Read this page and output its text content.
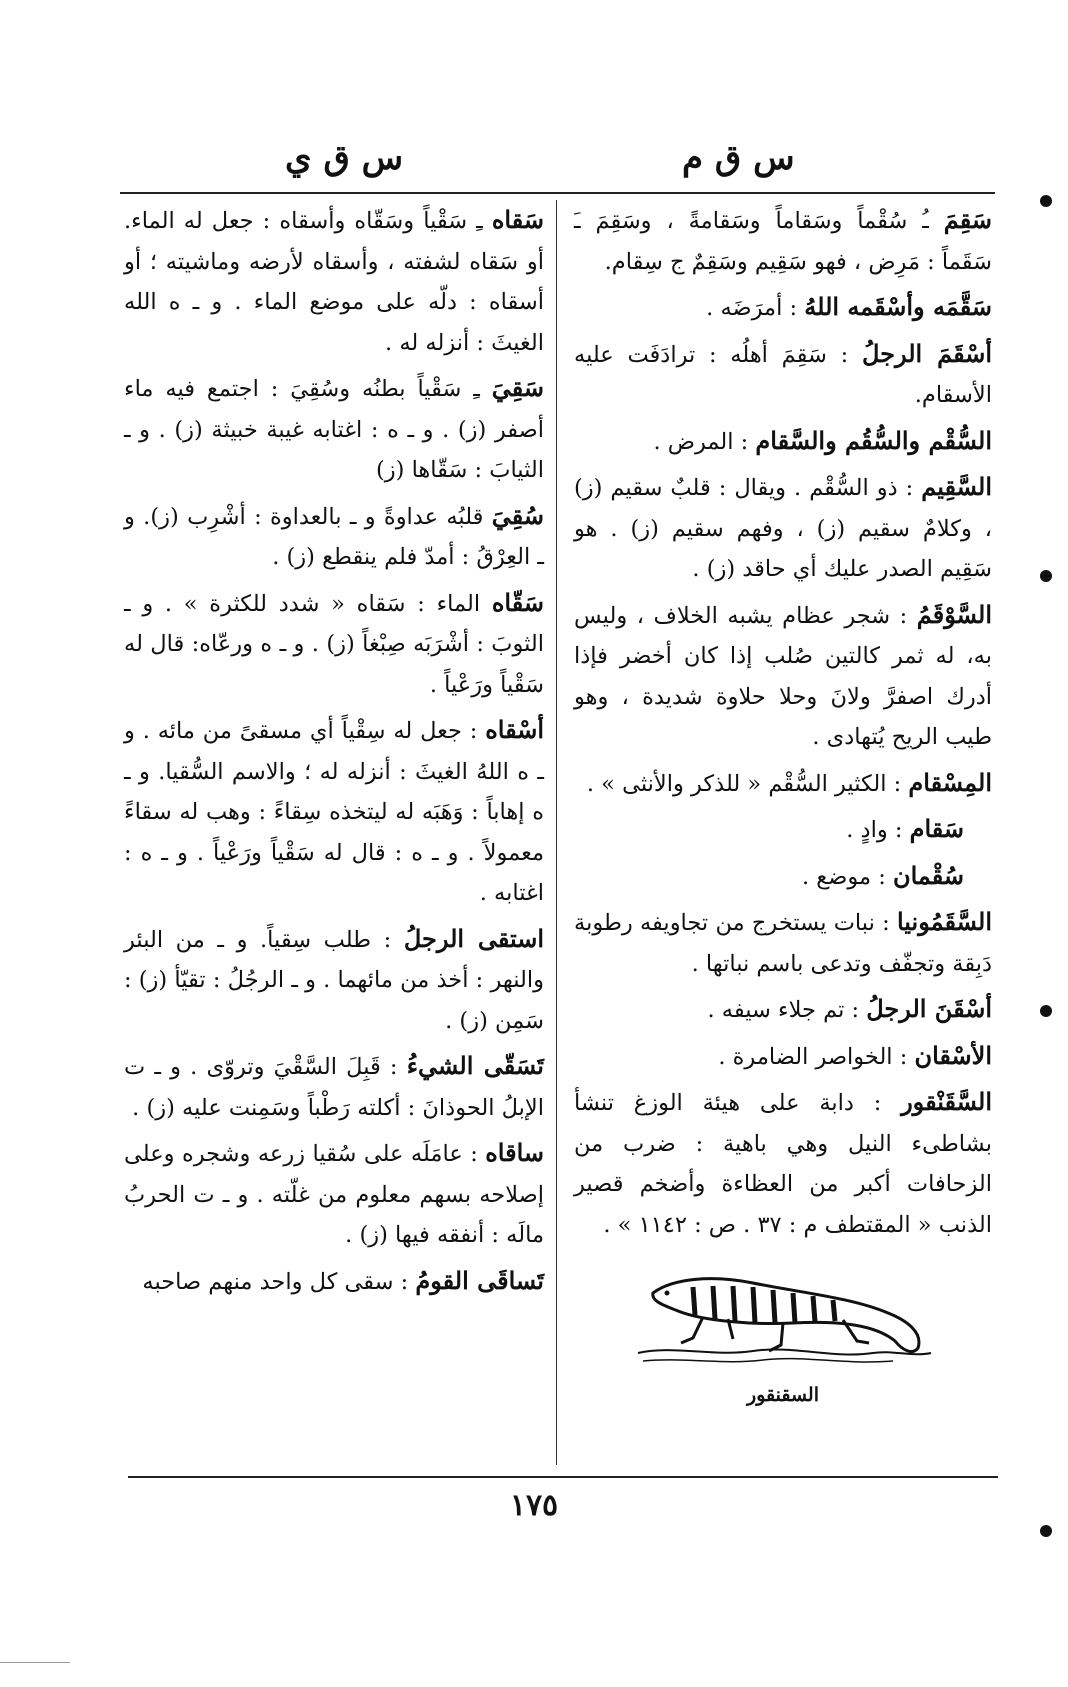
س ق م
س ق ي
سَقِمَ ـُ سُقْماً وسَقاماً وسَقامةً ، وسَقِمَ ـَ سَقَماً : مَرِض ، فهو سَقِيم وسَقِمٌ ج سِقام.
سَقَّمَه وأسْقَمه اللهُ : أمرَضَه .
أسْقَمَ الرجلُ : سَقِمَ أهلُه : ترادَفَت عليه الأسقام.
السُّقْم والسُّقُم والسَّقام : المرض .
السَّقِيم : ذو السُّقْم . ويقال : قلبٌ سقيم (ز) ، وكلامٌ سقيم (ز) ، وفهم سقيم (ز) . هو سَقِيم الصدر عليك أي حاقد (ز) .
السَّوْقَمُ : شجر عظام يشبه الخلاف ، وليس به، له ثمر كالتين صُلب إذا كان أخضر فإذا أدرك اصفرَّ ولانَ وحلا حلاوة شديدة ، وهو طيب الريح يُتهادى .
المِسْقام : الكثير السُّقْم « للذكر والأنثى » .
سَقام : وادٍ .
سُقْمان : موضع .
السَّقَمُونيا : نبات يستخرج من تجاويفه رطوبة دَبِقة وتجفّف وتدعى باسم نباتها .
أسْقَنَ الرجلُ : تم جلاء سيفه .
الأسْقان : الخواصر الضامرة .
السَّقَنْقور : دابة على هيئة الوزغ تنشأ بشاطىء النيل وهي باهية : ضرب من الزحافات أكبر من العظاءة وأضخم قصير الذنب « المقتطف م : ٣٧ . ص : ١١٤٢ » .
السقنقور
سَقاه ـِ سَقْياً وسَقّاه وأسقاه : جعل له الماء. أو سَقاه لشفته ، وأسقاه لأرضه وماشيته ؛ أو أسقاه : دلّه على موضع الماء . و ـ ه الله الغيثَ : أنزله له .
سَقِيَ ـِ سَقْياً بطنُه وسُقِيَ : اجتمع فيه ماء أصفر (ز) . و ـ ه : اغتابه غيبة خبيثة (ز) . و ـ الثيابَ : سَقّاها (ز)
سُقِيَ قلبُه عداوةً و ـ بالعداوة : أشْرِب (ز). و ـ العِرْقُ : أمدّ فلم ينقطع (ز) .
سَقّاه الماء : سَقاه « شدد للكثرة » . و ـ الثوبَ : أشْرَبَه صِبْغاً (ز) . و ـ ه ورعّاه: قال له سَقْياً ورَعْياً .
أسْقاه : جعل له سِقْياً أي مسقىً من مائه . و ـ ه اللهُ الغيثَ : أنزله له ؛ والاسم السُّقيا. و ـ ه إهاباً : وَهَبَه له ليتخذه سِقاءً : وهب له سقاءً معمولاً . و ـ ه : قال له سَقْياً ورَعْياً . و ـ ه : اغتابه .
استقى الرجلُ : طلب سِقياً. و ـ من البئر والنهر : أخذ من مائهما . و ـ الرجُلُ : تقيّأ (ز) : سَمِن (ز) .
تَسَقّى الشيءُ : قَبِلَ السَّقْيَ وتروّى . و ـ ت الإبلُ الحوذانَ : أكلته رَطْباً وسَمِنت عليه (ز) .
ساقاه : عامَلَه على سُقيا زرعه وشجره وعلى إصلاحه بسهم معلوم من غلّته . و ـ ت الحربُ مالَه : أنفقه فيها (ز) .
تَساقَى القومُ : سقى كل واحد منهم صاحبه
١٧٥
